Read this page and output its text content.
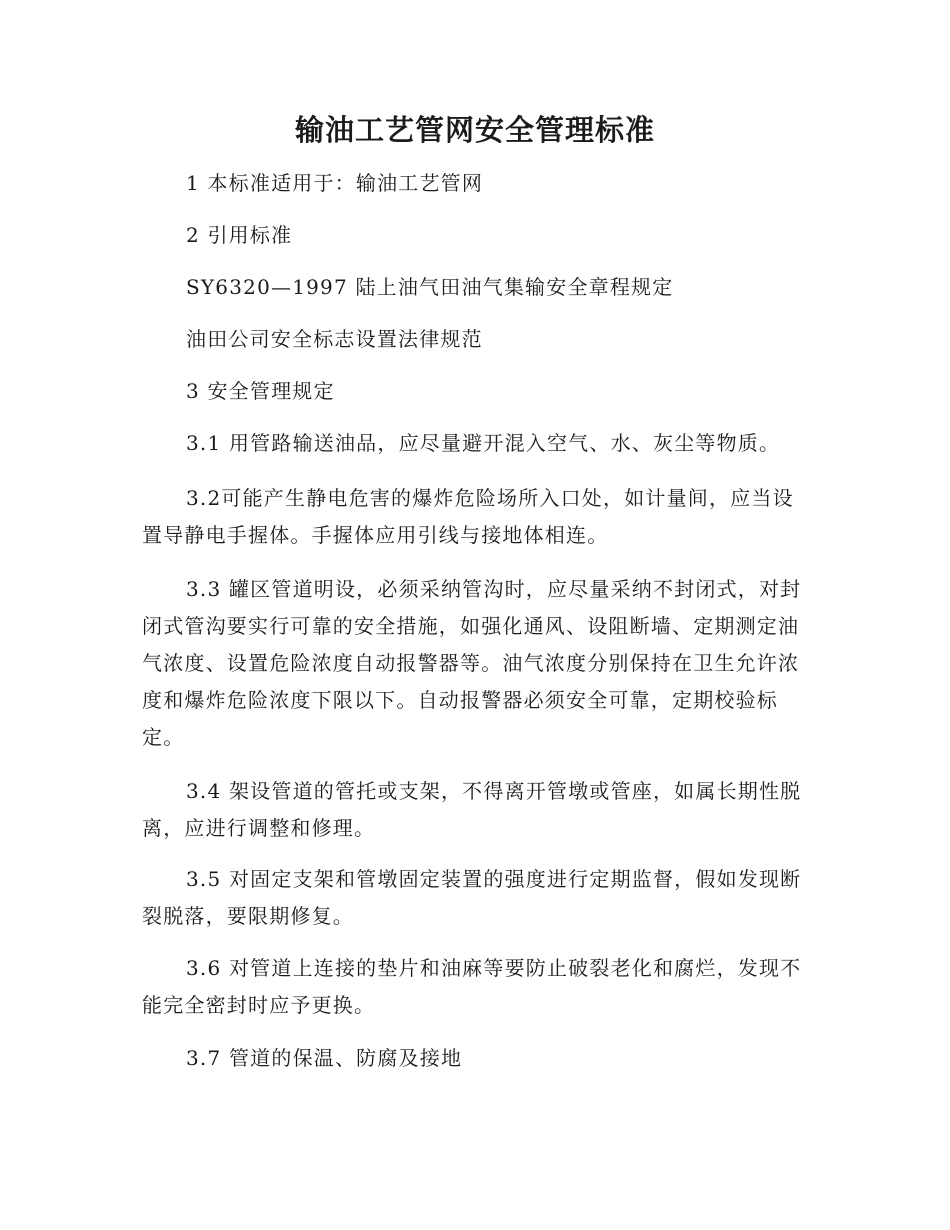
输油工艺管网安全管理标准

1 本标准适用于：输油工艺管网

2 引用标准

SY6320—1997 陆上油气田油气集输安全章程规定

油田公司安全标志设置法律规范

3 安全管理规定

3.1 用管路输送油品，应尽量避开混入空气、水、灰尘等物质。

3.2可能产生静电危害的爆炸危险场所入口处，如计量间，应当设置导静电手握体。手握体应用引线与接地体相连。

3.3 罐区管道明设，必须采纳管沟时，应尽量采纳不封闭式，对封闭式管沟要实行可靠的安全措施，如强化通风、设阻断墙、定期测定油气浓度、设置危险浓度自动报警器等。油气浓度分别保持在卫生允许浓度和爆炸危险浓度下限以下。自动报警器必须安全可靠，定期校验标定。

3.4 架设管道的管托或支架，不得离开管墩或管座，如属长期性脱离，应进行调整和修理。

3.5 对固定支架和管墩固定装置的强度进行定期监督，假如发现断裂脱落，要限期修复。

3.6 对管道上连接的垫片和油麻等要防止破裂老化和腐烂，发现不能完全密封时应予更换。

3.7 管道的保温、防腐及接地
